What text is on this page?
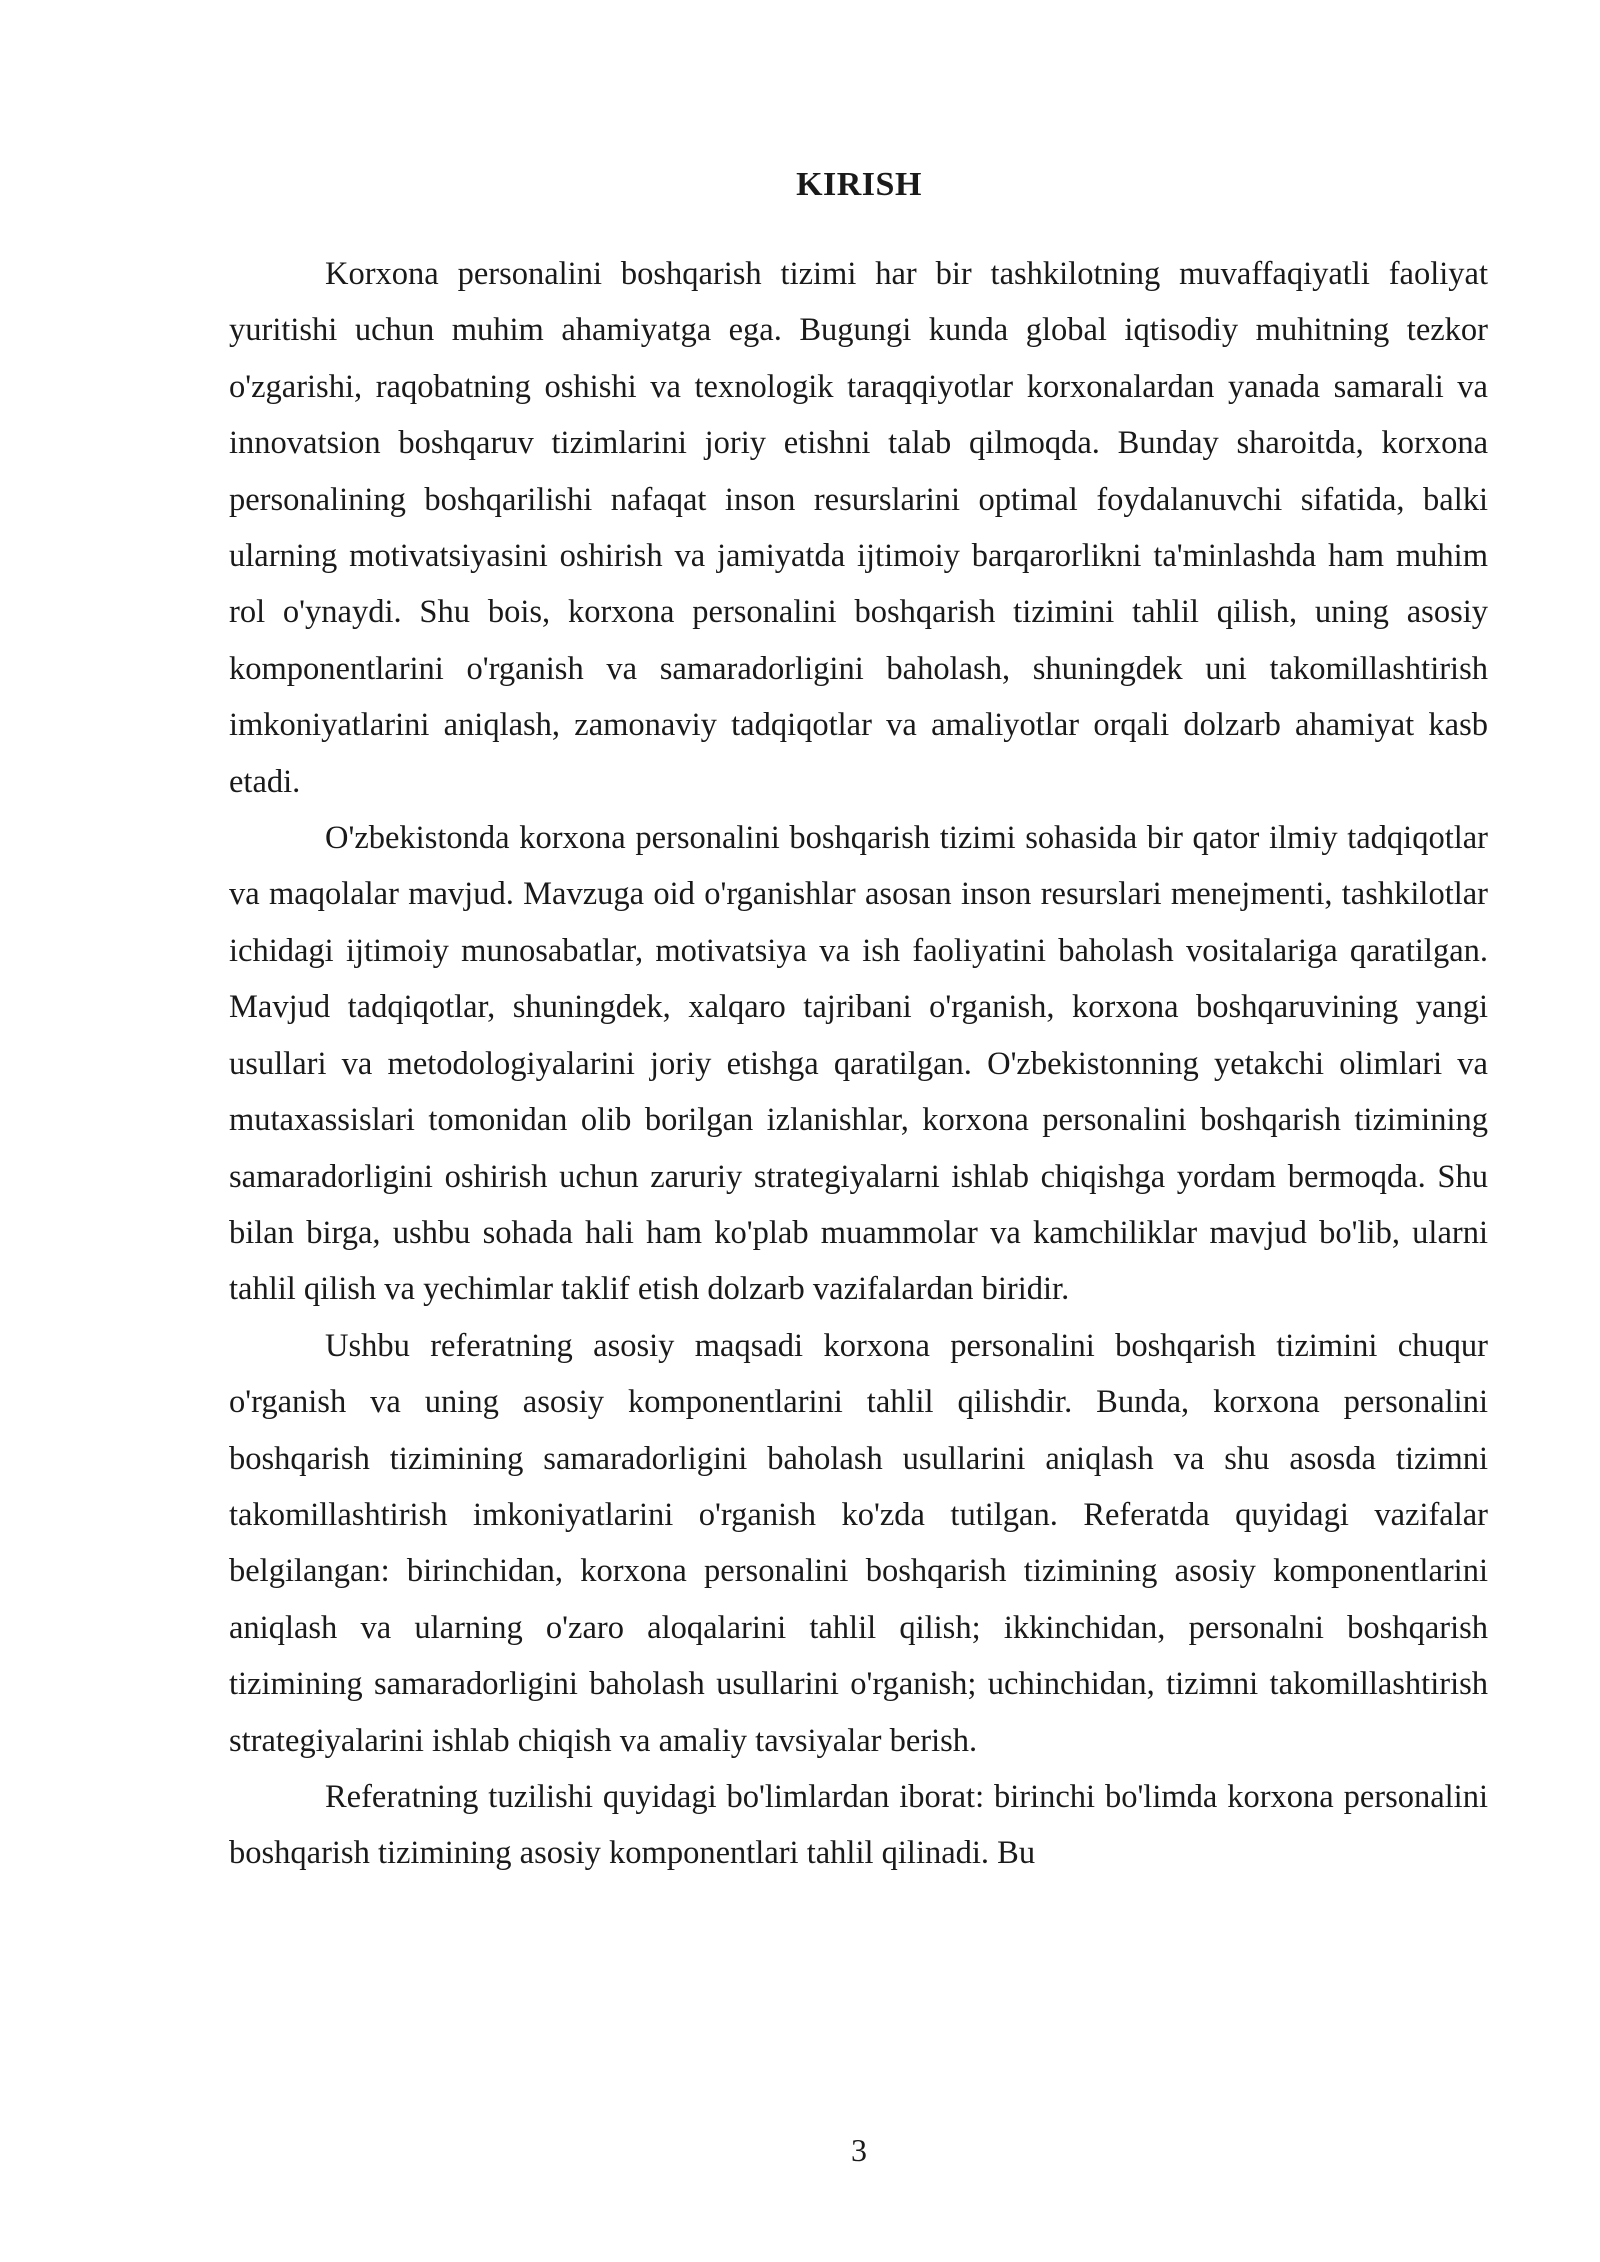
KIRISH

Korxona personalini boshqarish tizimi har bir tashkilotning muvaffaqiyatli faoliyat yuritishi uchun muhim ahamiyatga ega. Bugungi kunda global iqtisodiy muhitning tezkor o'zgarishi, raqobatning oshishi va texnologik taraqqiyotlar korxonalardan yanada samarali va innovatsion boshqaruv tizimlarini joriy etishni talab qilmoqda. Bunday sharoitda, korxona personalining boshqarilishi nafaqat inson resurslarini optimal foydalanuvchi sifatida, balki ularning motivatsiyasini oshirish va jamiyatda ijtimoiy barqarorlikni ta'minlashda ham muhim rol o'ynaydi. Shu bois, korxona personalini boshqarish tizimini tahlil qilish, uning asosiy komponentlarini o'rganish va samaradorligini baholash, shuningdek uni takomillashtirish imkoniyatlarini aniqlash, zamonaviy tadqiqotlar va amaliyotlar orqali dolzarb ahamiyat kasb etadi.

O'zbekistonda korxona personalini boshqarish tizimi sohasida bir qator ilmiy tadqiqotlar va maqolalar mavjud. Mavzuga oid o'rganishlar asosan inson resurslari menejmenti, tashkilotlar ichidagi ijtimoiy munosabatlar, motivatsiya va ish faoliyatini baholash vositalariga qaratilgan. Mavjud tadqiqotlar, shuningdek, xalqaro tajribani o'rganish, korxona boshqaruvining yangi usullari va metodologiyalarini joriy etishga qaratilgan. O'zbekistonning yetakchi olimlari va mutaxassislari tomonidan olib borilgan izlanishlar, korxona personalini boshqarish tizimining samaradorligini oshirish uchun zaruriy strategiyalarni ishlab chiqishga yordam bermoqda. Shu bilan birga, ushbu sohada hali ham ko'plab muammolar va kamchiliklar mavjud bo'lib, ularni tahlil qilish va yechimlar taklif etish dolzarb vazifalardan biridir.

Ushbu referatning asosiy maqsadi korxona personalini boshqarish tizimini chuqur o'rganish va uning asosiy komponentlarini tahlil qilishdir. Bunda, korxona personalini boshqarish tizimining samaradorligini baholash usullarini aniqlash va shu asosda tizimni takomillashtirish imkoniyatlarini o'rganish ko'zda tutilgan. Referatda quyidagi vazifalar belgilangan: birinchidan, korxona personalini boshqarish tizimining asosiy komponentlarini aniqlash va ularning o'zaro aloqalarini tahlil qilish; ikkinchidan, personalni boshqarish tizimining samaradorligini baholash usullarini o'rganish; uchinchidan, tizimni takomillashtirish strategiyalarini ishlab chiqish va amaliy tavsiyalar berish.

Referatning tuzilishi quyidagi bo'limlardan iborat: birinchi bo'limda korxona personalini boshqarish tizimining asosiy komponentlari tahlil qilinadi. Bu

3
